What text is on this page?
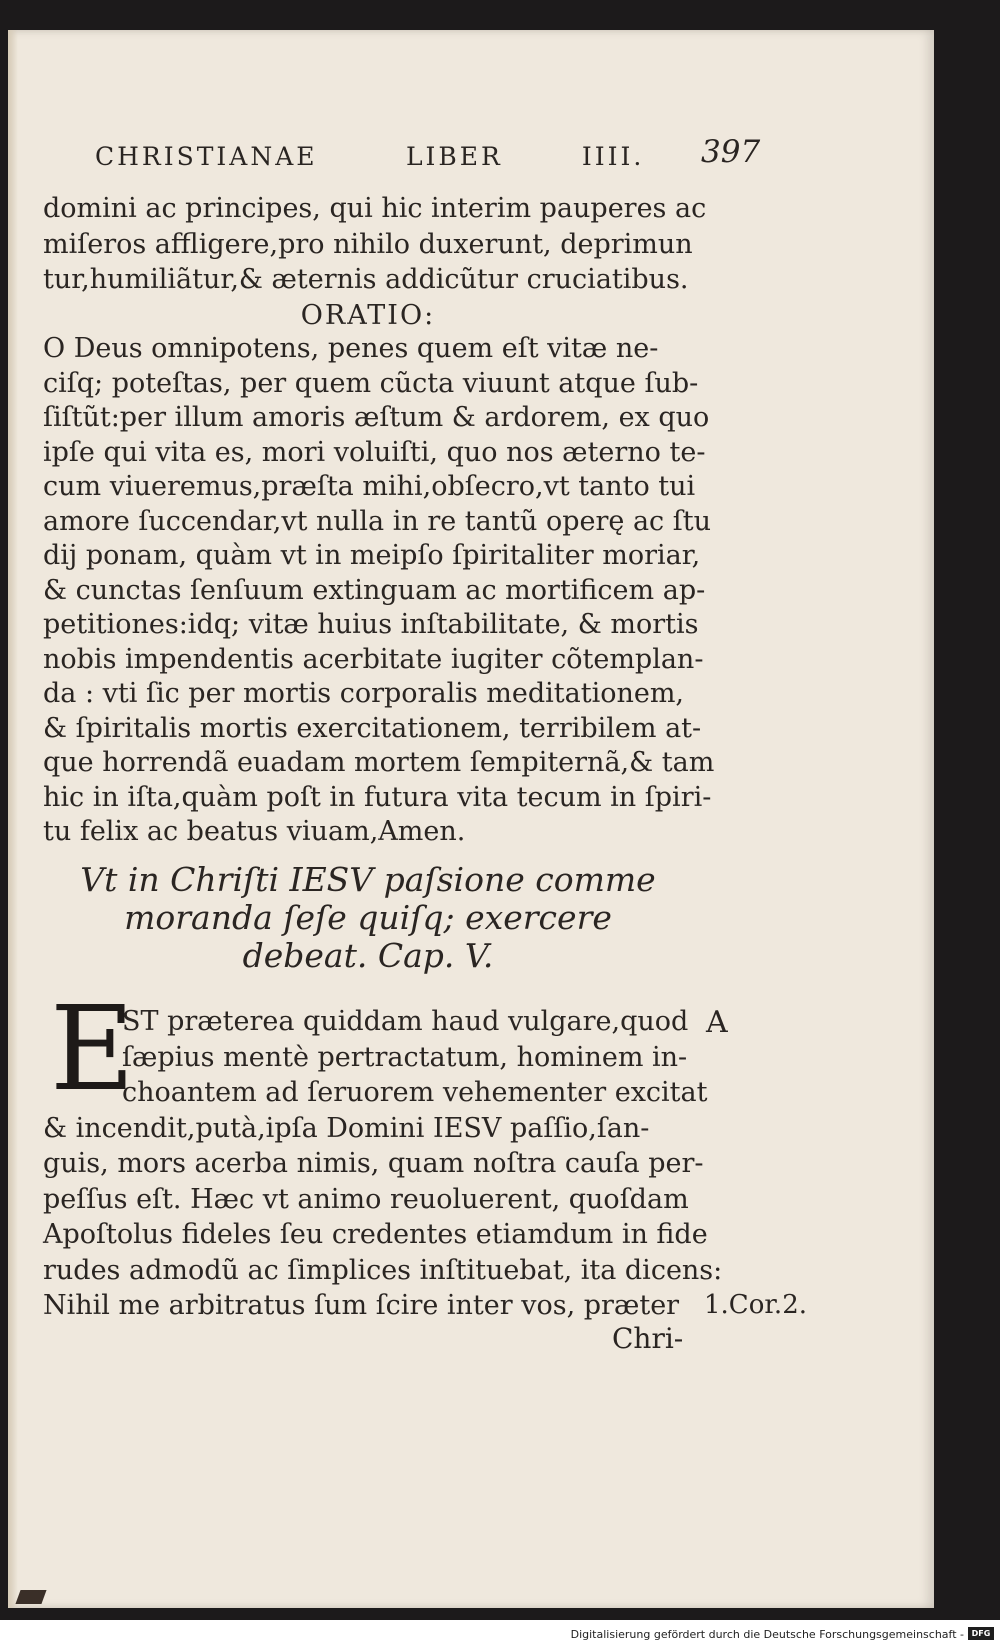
CHRISTIANAE	LIBER	IIII.	397
domini ac principes, qui hic interim pauperes ac
miſeros affligere,pro nihilo duxerunt, deprimun
tur,humiliãtur,& æternis addicũtur cruciatibus.
ORATIO:
O Deus omnipotens, penes quem eſt vitæ ne-
ciſq; poteſtas, per quem cũcta viuunt atque ſub-
ſiſtũt:per illum amoris æſtum & ardorem, ex quo
ipſe qui vita es, mori voluiſti, quo nos æterno te-
cum viueremus,præſta mihi,obſecro,vt tanto tui
amore ſuccendar,vt nulla in re tantũ operę ac ſtu
dij ponam, quàm vt in meipſo ſpiritaliter moriar,
& cunctas ſenſuum extinguam ac mortificem ap-
petitiones:idq; vitæ huius inſtabilitate, & mortis
nobis impendentis acerbitate iugiter cõtemplan-
da : vti ſic per mortis corporalis meditationem,
& ſpiritalis mortis exercitationem, terribilem at-
que horrendã euadam mortem ſempiternã,& tam
hic in iſta,quàm poſt in futura vita tecum in ſpiri-
tu felix ac beatus viuam,Amen.
Vt in Chriſti IESV paſsione comme
moranda ſeſe quiſq; exercere
debeat. Cap. V.
E
ST præterea quiddam haud vulgare,quod
ſæpius mentè pertractatum, hominem in-
choantem ad ſeruorem vehementer excitat
& incendit,putà,ipſa Domini IESV paſſio,ſan-
guis, mors acerba nimis, quam noſtra cauſa per-
peſſus eſt. Hæc vt animo reuoluerent, quoſdam
Apoſtolus fideles ſeu credentes etiamdum in fide
rudes admodũ ac ſimplices inſtituebat, ita dicens:
Nihil me arbitratus ſum ſcire inter vos, præter
A
1.Cor.2.
Chri-
Digitalisierung gefördert durch die Deutsche Forschungsgemeinschaft - DFG
